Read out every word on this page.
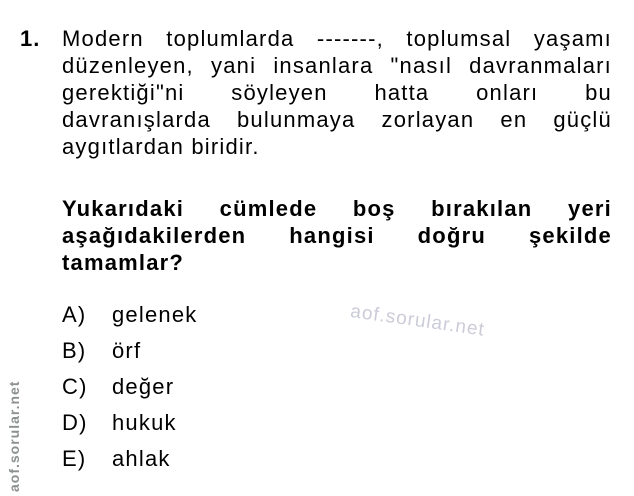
aof.sorular.net
aof.sorular.net
1. Modern toplumlarda -------, toplumsal yaşamı
düzenleyen, yani insanlara "nasıl davranmaları
gerektiği"ni söyleyen hatta onları bu
davranışlarda bulunmaya zorlayan en güçlü
aygıtlardan biridir.
Yukarıdaki cümlede boş bırakılan yeri
aşağıdakilerden hangisi doğru şekilde
tamamlar?
A)	gelenek
B)	örf
C)	değer
D)	hukuk
E)	ahlak
